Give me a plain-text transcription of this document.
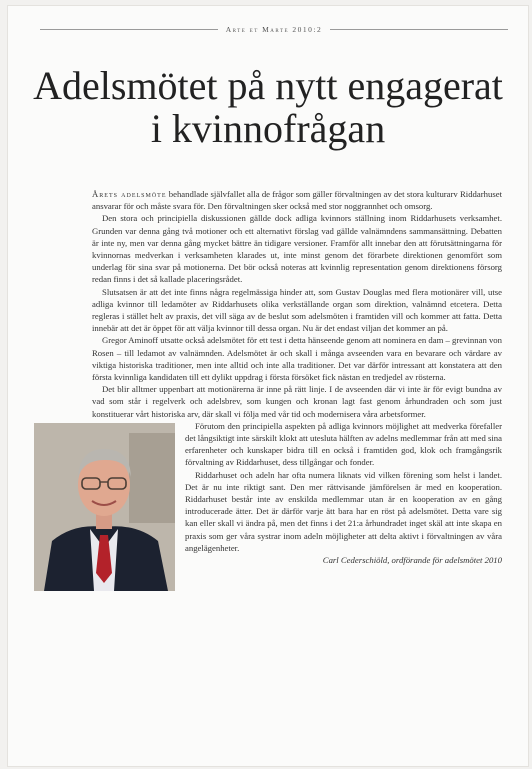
Arte et Marte 2010:2
Adelsmötet på nytt engagerat
i kvinnofrågan

Årets adelsmöte behandlade självfallet alla de frågor som gäller förvaltningen av det stora kulturarv Riddarhuset ansvarar för och måste svara för. Den förvaltningen sker också med stor noggrannhet och omsorg.

Den stora och principiella diskussionen gällde dock adliga kvinnors ställning inom Riddarhusets verksamhet. Grunden var denna gång två motioner och ett alternativt förslag vad gällde valnämndens sammansättning. Debatten är inte ny, men var denna gång mycket bättre än tidigare versioner. Framför allt innebar den att förutsättningarna för kvinnornas medverkan i verksamheten klarades ut, inte minst genom det förarbete direktionen genomfört som underlag för sina svar på motionerna. Det bör också noteras att kvinnlig representation genom direktionens försorg redan finns i det så kallade placeringsrådet.

Slutsatsen är att det inte finns några regelmässiga hinder att, som Gustav Douglas med flera motionärer vill, utse adliga kvinnor till ledamöter av Riddarhusets olika verkställande organ som direktion, valnämnd etcetera. Detta regleras i stället helt av praxis, det vill säga av de beslut som adelsmöten i framtiden vill och kommer att fatta. Detta innebär att det är öppet för att välja kvinnor till dessa organ. Nu är det endast viljan det kommer an på.

Gregor Aminoff utsatte också adelsmötet för ett test i detta hänseende genom att nominera en dam – grevinnan von Rosen – till ledamot av valnämnden. Adelsmötet är och skall i många avseenden vara en bevarare och värdare av viktiga historiska traditioner, men inte alltid och inte alla traditioner. Det var därför intressant att konstatera att den första kvinnliga kandidaten till ett dylikt uppdrag i första försöket fick nästan en tredjedel av rösterna.

Det blir alltmer uppenbart att motionärerna är inne på rätt linje. I de avseenden där vi inte är för evigt bundna av vad som står i regelverk och adelsbrev, som kungen och kronan lagt fast genom århundraden och som just konstituerar vårt historiska arv, där skall vi följa med vår tid och modernisera våra arbetsformer.

Förutom den principiella aspekten på adliga kvinnors möjlighet att medverka förefaller det långsiktigt inte särskilt klokt att utesluta hälften av adelns medlemmar från att med sina erfarenheter och kunskaper bidra till en också i framtiden god, klok och framgångsrik förvaltning av Riddarhuset, dess tillgångar och fonder.

Riddarhuset och adeln har ofta numera liknats vid vilken förening som helst i landet. Det är nu inte riktigt sant. Den mer rättvisande jämförelsen är med en kooperation. Riddarhuset består inte av enskilda medlemmar utan är en kooperation av en gång introducerade ätter. Det är därför varje ätt bara har en röst på adelsmötet. Detta vare sig kan eller skall vi ändra på, men det finns i det 21:a århundradet inget skäl att inte skapa en praxis som ger våra systrar inom adeln möjligheter att delta aktivt i förvaltningen av våra angelägenheter.

Carl Cederschiöld, ordförande för adelsmötet 2010
